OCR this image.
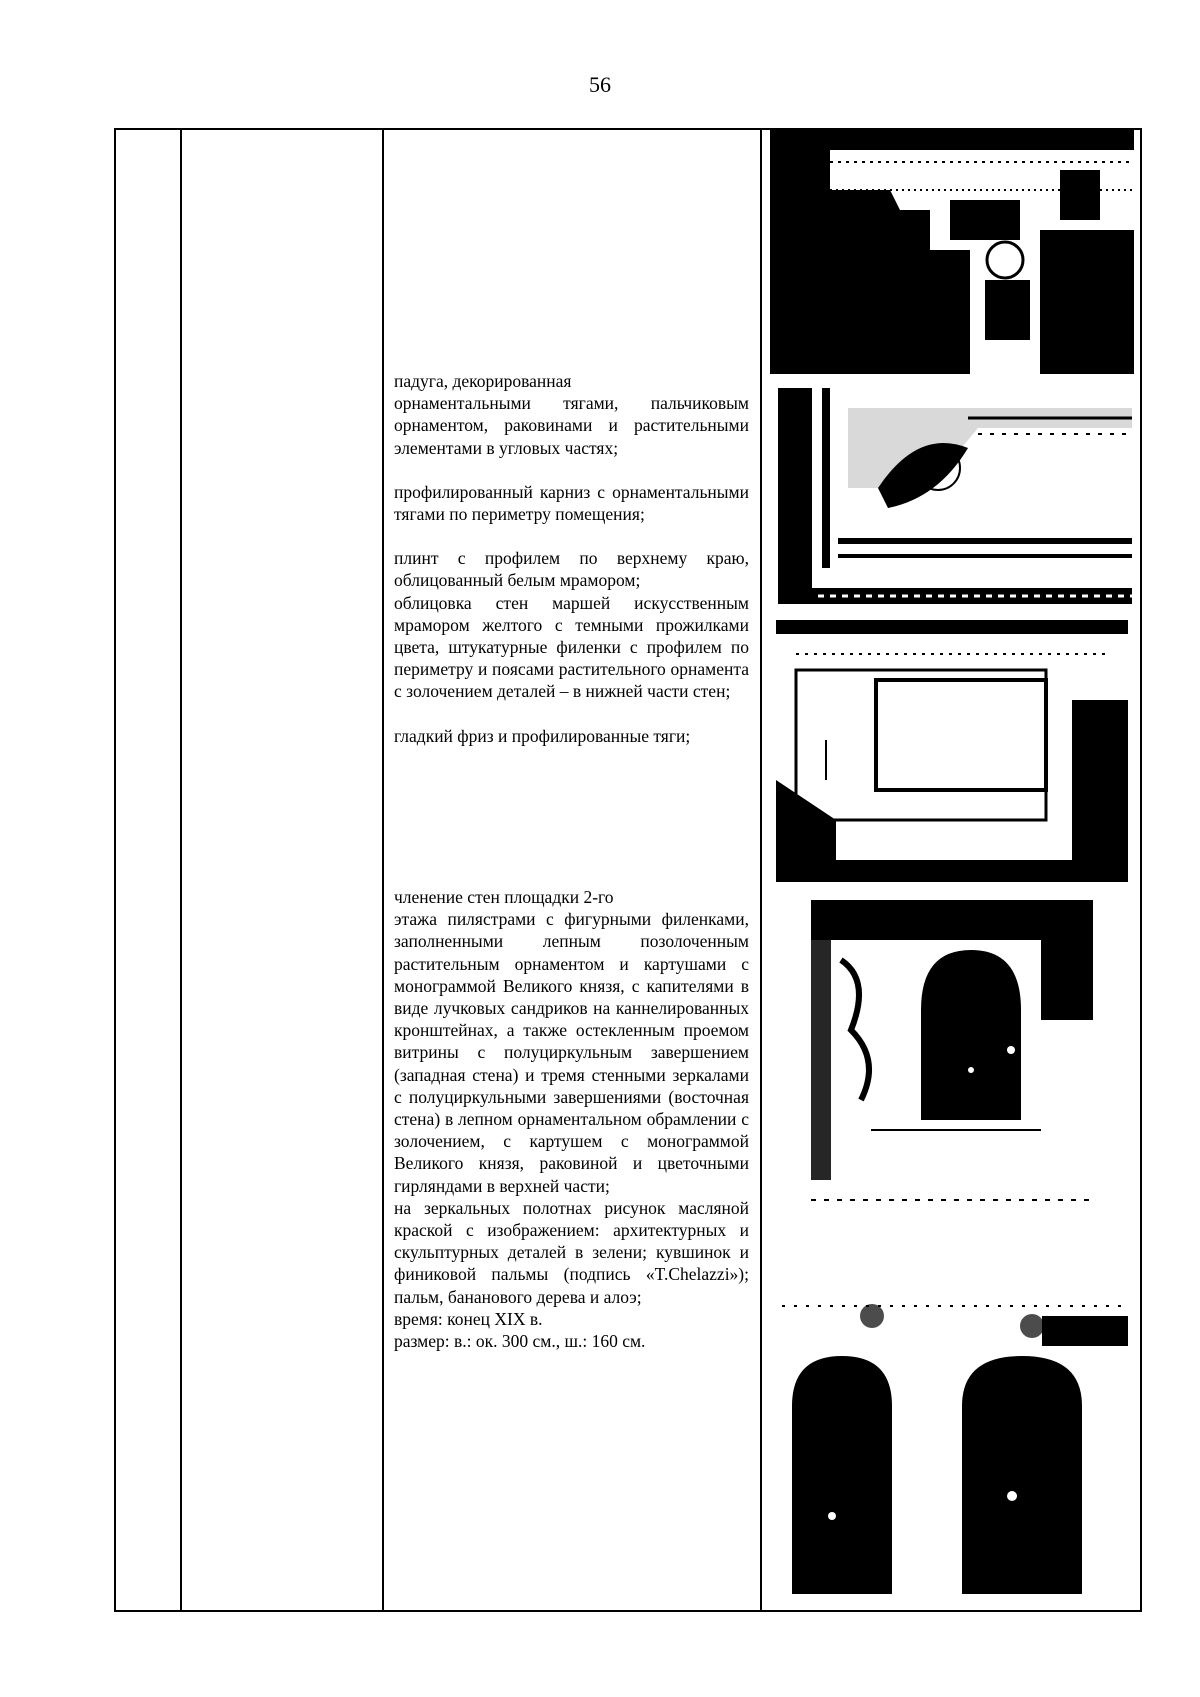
56

падуга, декорированная

орнаментальными тягами, пальчиковым орнаментом, раковинами и растительными элементами в угловых частях;

профилированный карниз с орнаментальными тягами по периметру помещения;

плинт с профилем по верхнему краю, облицованный белым мрамором;

облицовка стен маршей искусственным мрамором желтого с темными прожилками цвета, штукатурные филенки с профилем по периметру и поясами растительного орнамента с золочением деталей – в нижней части стен;

гладкий фриз и профилированные тяги;

членение стен площадки 2-го

этажа пилястрами с фигурными филенками, заполненными лепным позолоченным растительным орнаментом и картушами с монограммой Великого князя, с капителями в виде лучковых сандриков на каннелированных кронштейнах, а также остекленным проемом витрины с полуциркульным завершением (западная стена) и тремя стенными зеркалами с полуциркульными завершениями (восточная стена) в лепном орнаментальном обрамлении с золочением, с картушем с монограммой Великого князя, раковиной и цветочными гирляндами в верхней части;

на зеркальных полотнах рисунок масляной краской с изображением: архитектурных и скульптурных деталей в зелени; кувшинок и финиковой пальмы (подпись «T.Chelazzi»); пальм, бананового дерева и алоэ;

время: конец XIX в.

размер: в.: ок. 300 см., ш.: 160 см.
